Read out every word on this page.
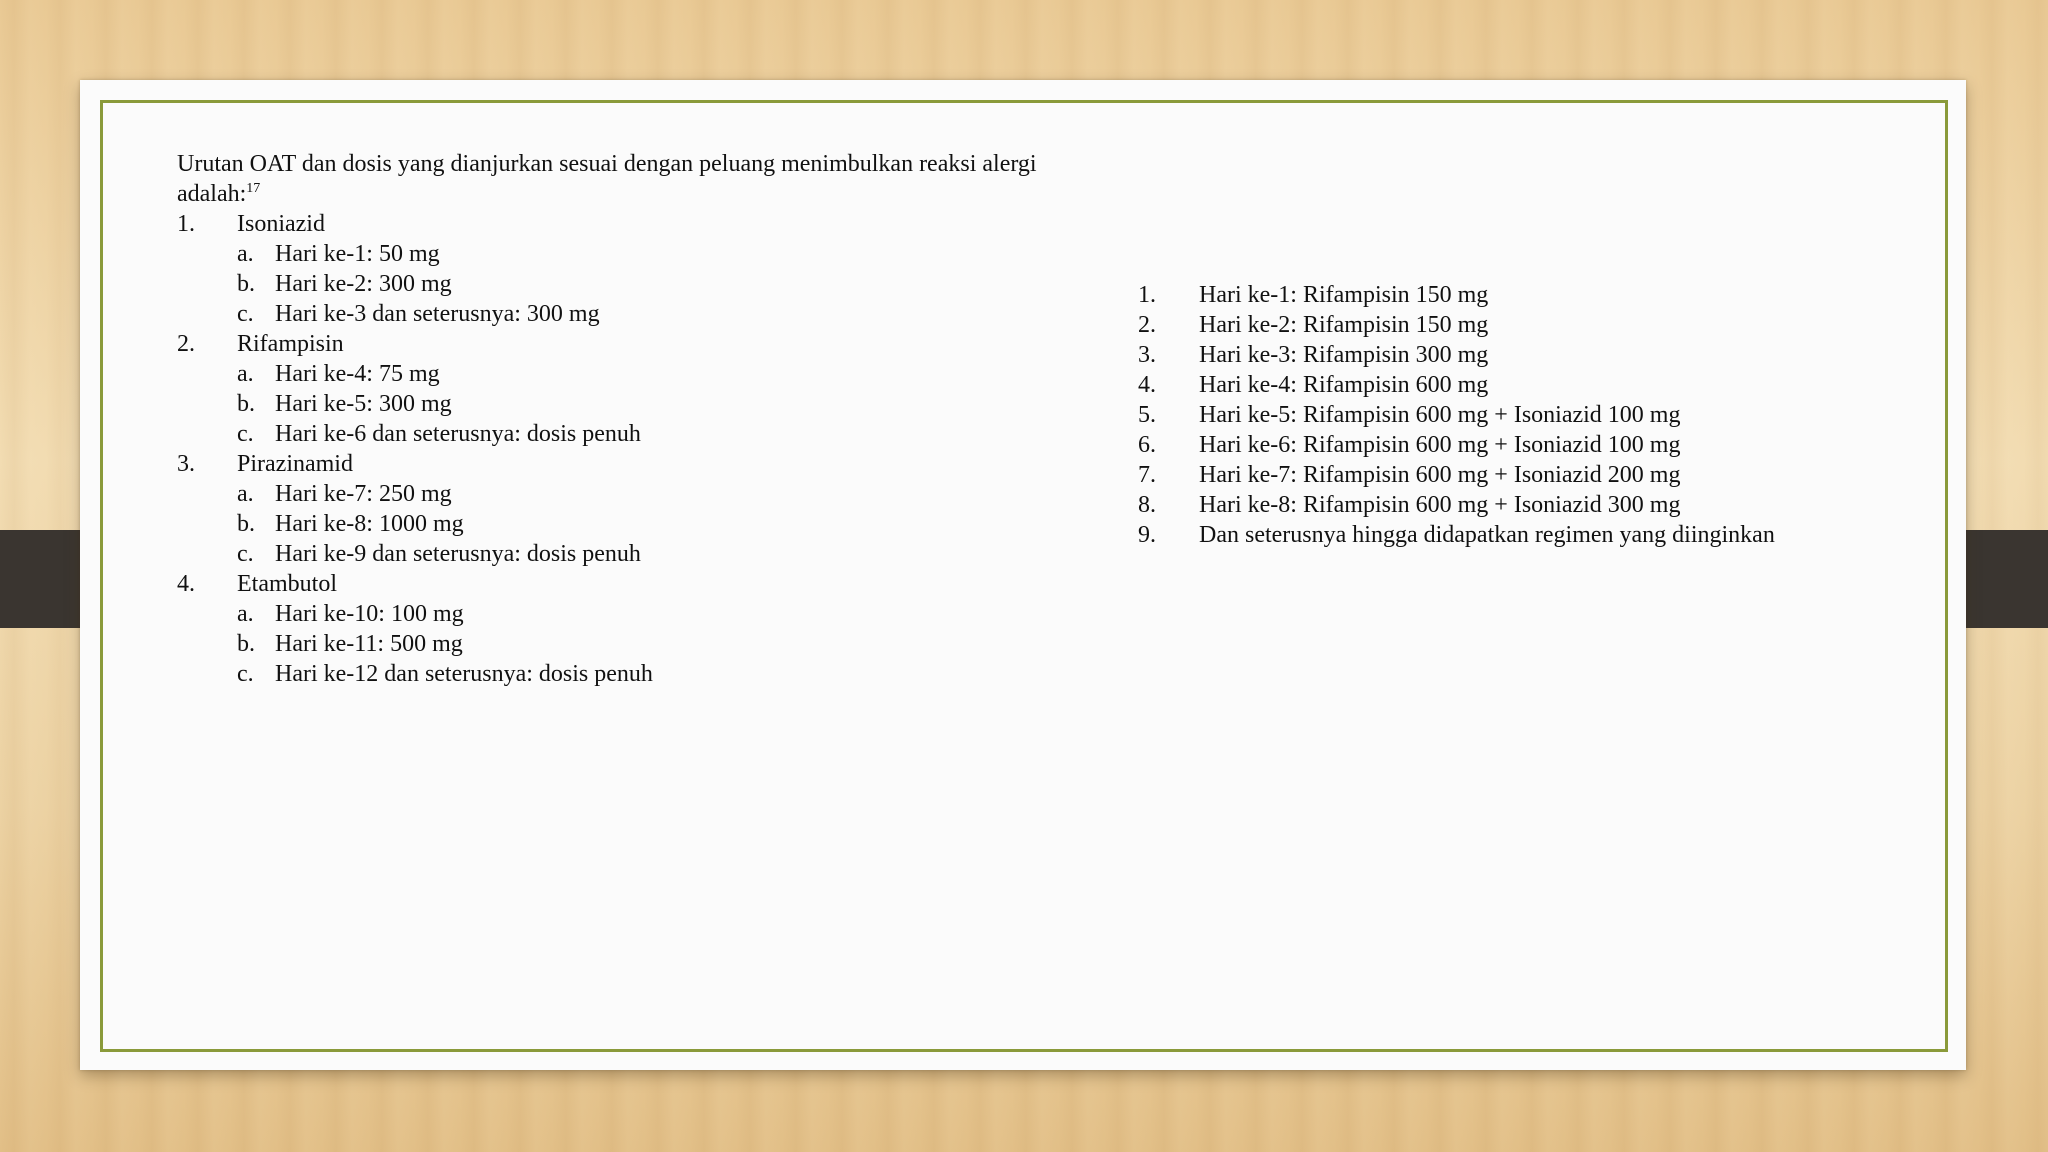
Urutan OAT dan dosis yang dianjurkan sesuai dengan peluang menimbulkan reaksi alergi adalah:$^{17}$

1.	Isoniazid
a. Hari ke-1: 50 mg
b. Hari ke-2: 300 mg
c. Hari ke-3 dan seterusnya: 300 mg
2.	Rifampisin
a. Hari ke-4: 75 mg
b. Hari ke-5: 300 mg
c. Hari ke-6 dan seterusnya: dosis penuh
3.	Pirazinamid
a. Hari ke-7: 250 mg
b. Hari ke-8: 1000 mg
c. Hari ke-9 dan seterusnya: dosis penuh
4.	Etambutol
a. Hari ke-10: 100 mg
b. Hari ke-11: 500 mg
c. Hari ke-12 dan seterusnya: dosis penuh
1.	Hari ke-1: Rifampisin 150 mg
2.	Hari ke-2: Rifampisin 150 mg
3.	Hari ke-3: Rifampisin 300 mg
4.	Hari ke-4: Rifampisin 600 mg
5.	Hari ke-5: Rifampisin 600 mg + Isoniazid 100 mg
6.	Hari ke-6: Rifampisin 600 mg + Isoniazid 100 mg
7.	Hari ke-7: Rifampisin 600 mg + Isoniazid 200 mg
8.	Hari ke-8: Rifampisin 600 mg + Isoniazid 300 mg
9.	Dan seterusnya hingga didapatkan regimen yang diinginkan
